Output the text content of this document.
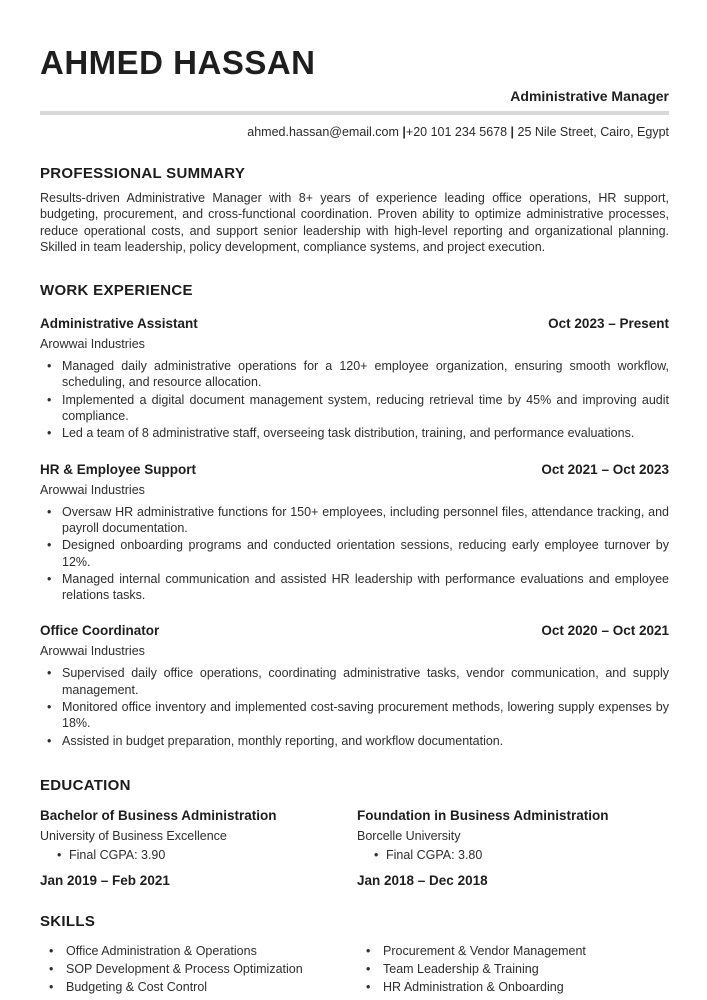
AHMED HASSAN
Administrative Manager
ahmed.hassan@email.com |+20 101 234 5678 | 25 Nile Street, Cairo, Egypt
PROFESSIONAL SUMMARY

Results-driven Administrative Manager with 8+ years of experience leading office operations, HR support, budgeting, procurement, and cross-functional coordination. Proven ability to optimize administrative processes, reduce operational costs, and support senior leadership with high-level reporting and organizational planning. Skilled in team leadership, policy development, compliance systems, and project execution.

WORK EXPERIENCE
Administrative Assistant	Oct 2023 – Present
Arowwai Industries
• Managed daily administrative operations for a 120+ employee organization, ensuring smooth workflow, scheduling, and resource allocation.
• Implemented a digital document management system, reducing retrieval time by 45% and improving audit compliance.
• Led a team of 8 administrative staff, overseeing task distribution, training, and performance evaluations.
HR & Employee Support	Oct 2021 – Oct 2023
Arowwai Industries
• Oversaw HR administrative functions for 150+ employees, including personnel files, attendance tracking, and payroll documentation.
• Designed onboarding programs and conducted orientation sessions, reducing early employee turnover by 12%.
• Managed internal communication and assisted HR leadership with performance evaluations and employee relations tasks.
Office Coordinator	Oct 2020 – Oct 2021
Arowwai Industries
• Supervised daily office operations, coordinating administrative tasks, vendor communication, and supply management.
• Monitored office inventory and implemented cost-saving procurement methods, lowering supply expenses by 18%.
• Assisted in budget preparation, monthly reporting, and workflow documentation.
EDUCATION
Bachelor of Business Administration
University of Business Excellence
• Final CGPA: 3.90
Jan 2019 – Feb 2021
Foundation in Business Administration
Borcelle University
• Final CGPA: 3.80
Jan 2018 – Dec 2018
SKILLS
• Office Administration & Operations
• SOP Development & Process Optimization
• Budgeting & Cost Control
• Procurement & Vendor Management
• Team Leadership & Training
• HR Administration & Onboarding
